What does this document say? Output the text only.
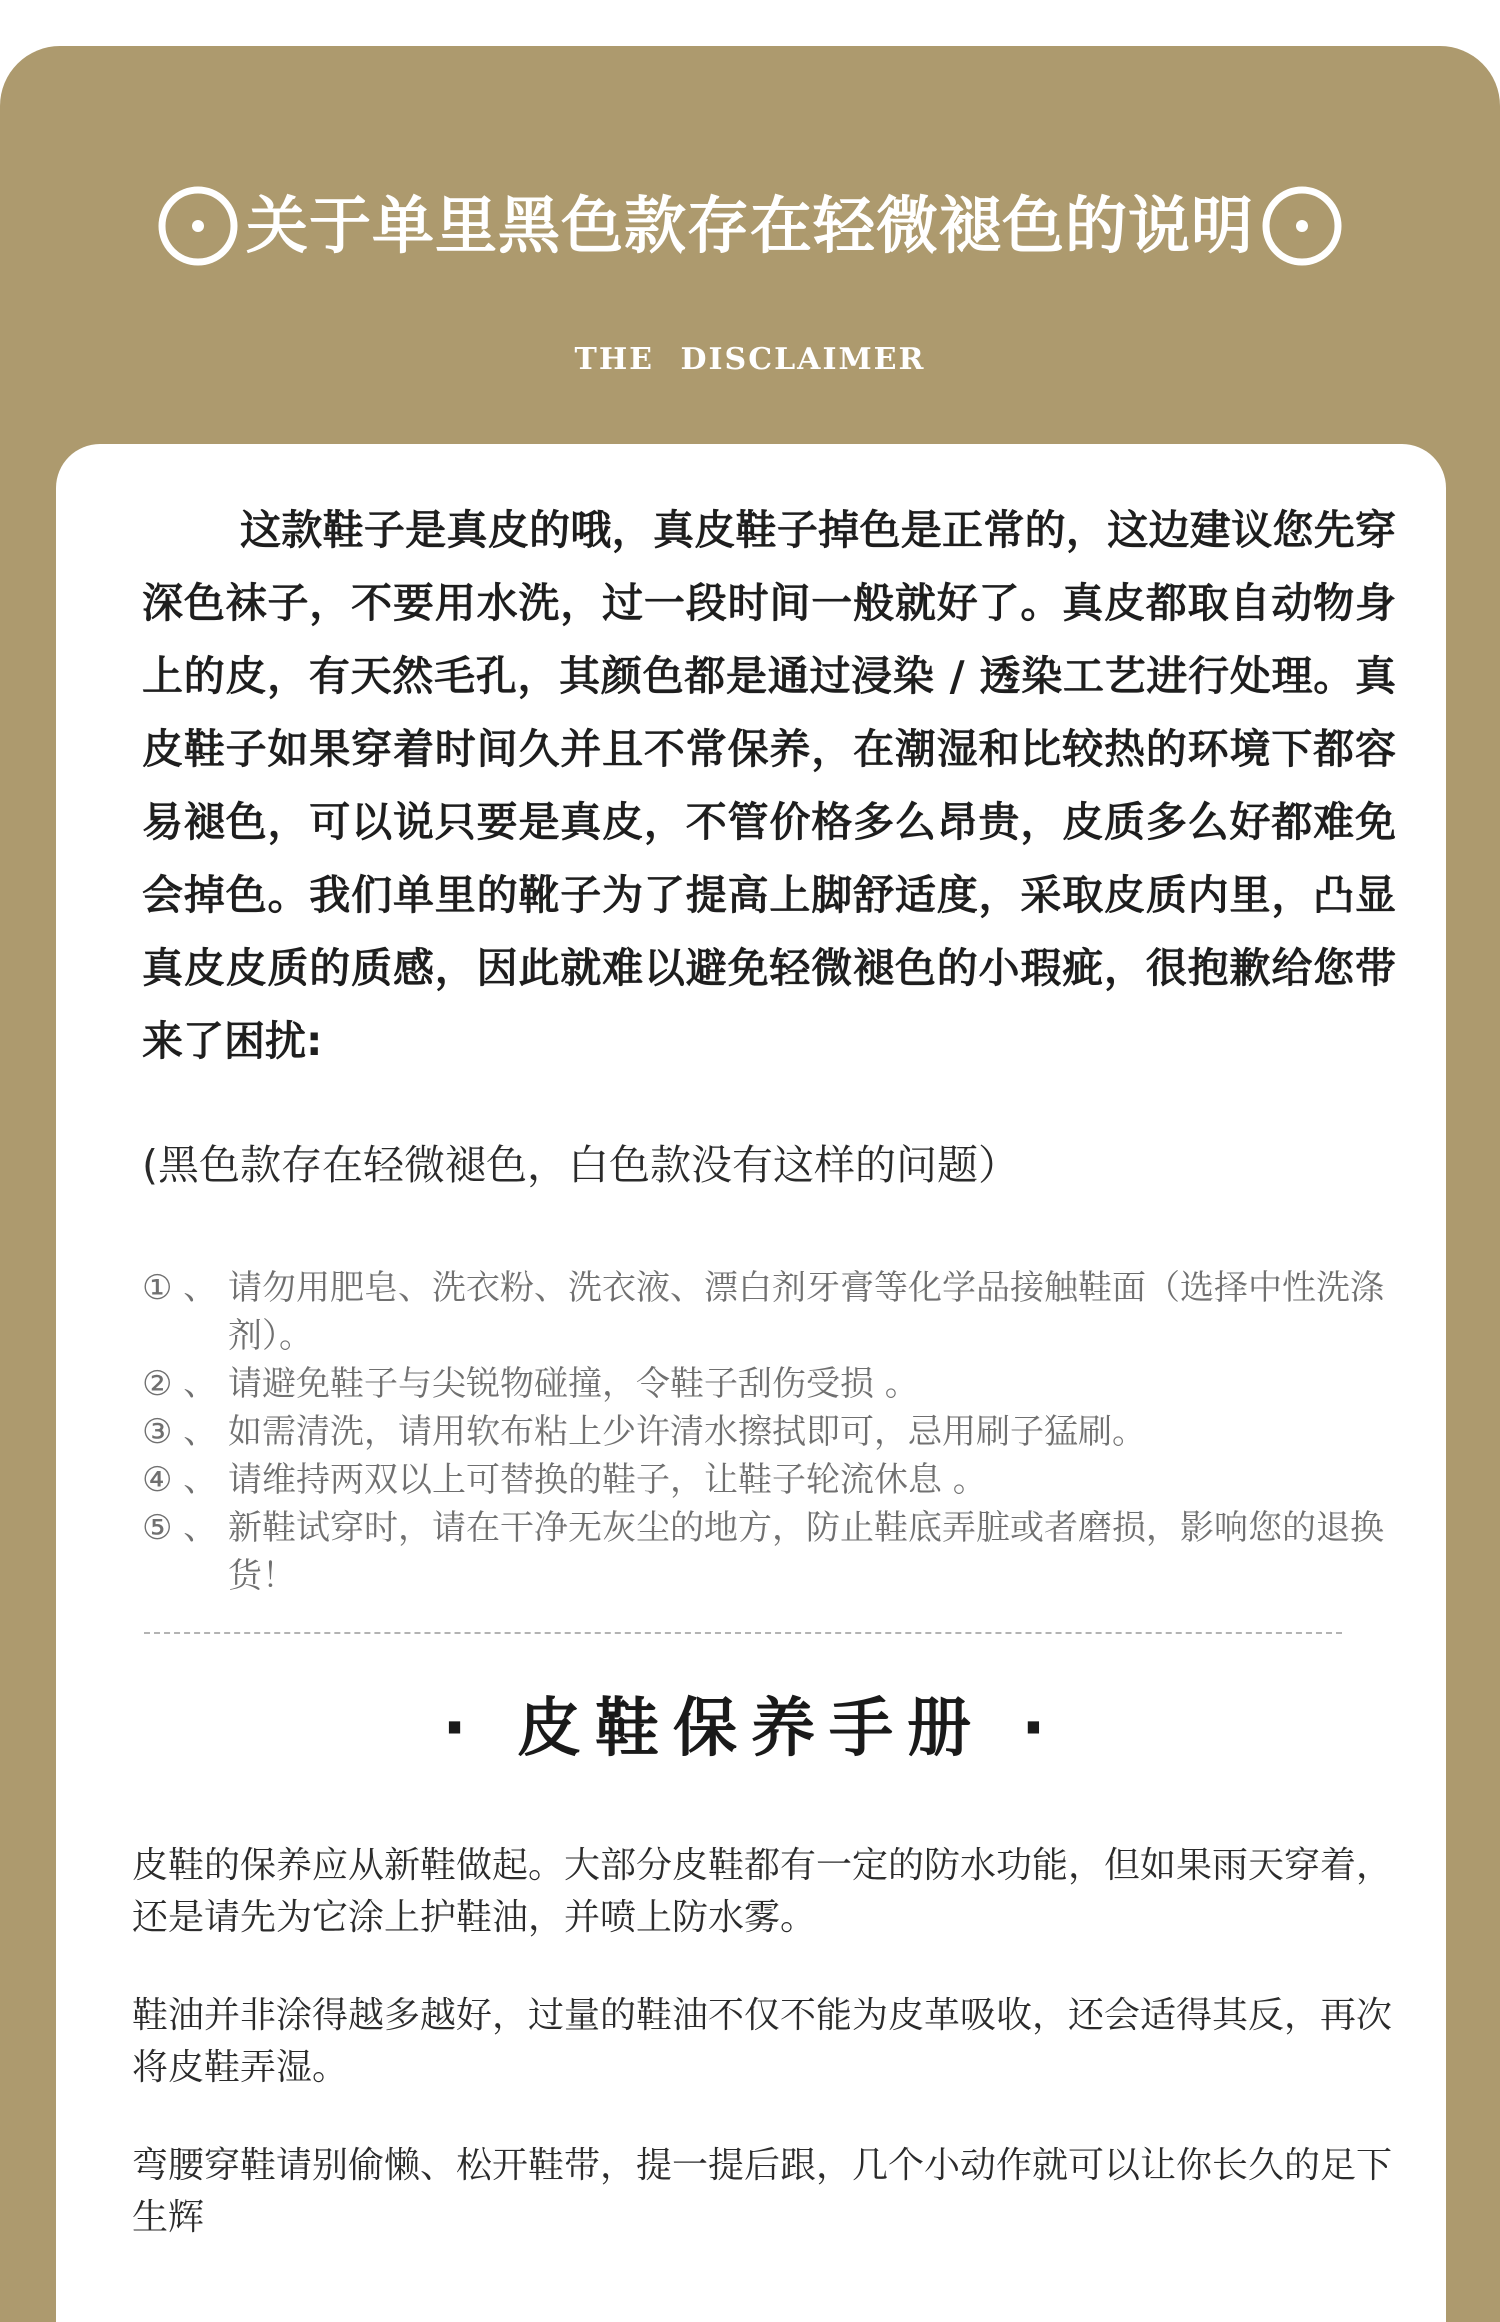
关于单里黑色款存在轻微褪色的说明
THE DISCLAIMER

这款鞋子是真皮的哦，真皮鞋子掉色是正常的，这边建议您先穿深色袜子，不要用水洗，过一段时间一般就好了。真皮都取自动物身上的皮，有天然毛孔，其颜色都是通过浸染 / 透染工艺进行处理。真皮鞋子如果穿着时间久并且不常保养，在潮湿和比较热的环境下都容易褪色，可以说只要是真皮，不管价格多么昂贵，皮质多么好都难免会掉色。我们单里的靴子为了提高上脚舒适度，采取皮质内里，凸显真皮皮质的质感，因此就难以避免轻微褪色的小瑕疵，很抱歉给您带来了困扰:

(黑色款存在轻微褪色，白色款没有这样的问题）

① 、 请勿用肥皂、洗衣粉、洗衣液、漂白剂牙膏等化学品接触鞋面（选择中性洗涤剂）。
② 、 请避免鞋子与尖锐物碰撞，令鞋子刮伤受损 。
③ 、 如需清洗，请用软布粘上少许清水擦拭即可，忌用刷子猛刷。
④ 、 请维持两双以上可替换的鞋子，让鞋子轮流休息 。
⑤ 、 新鞋试穿时，请在干净无灰尘的地方，防止鞋底弄脏或者磨损，影响您的退换货！
· 皮鞋保养手册 ·

皮鞋的保养应从新鞋做起。大部分皮鞋都有一定的防水功能，但如果雨天穿着，还是请先为它涂上护鞋油，并喷上防水雾。

鞋油并非涂得越多越好，过量的鞋油不仅不能为皮革吸收，还会适得其反，再次将皮鞋弄湿。

弯腰穿鞋请别偷懒、松开鞋带，提一提后跟，几个小动作就可以让你长久的足下生辉
